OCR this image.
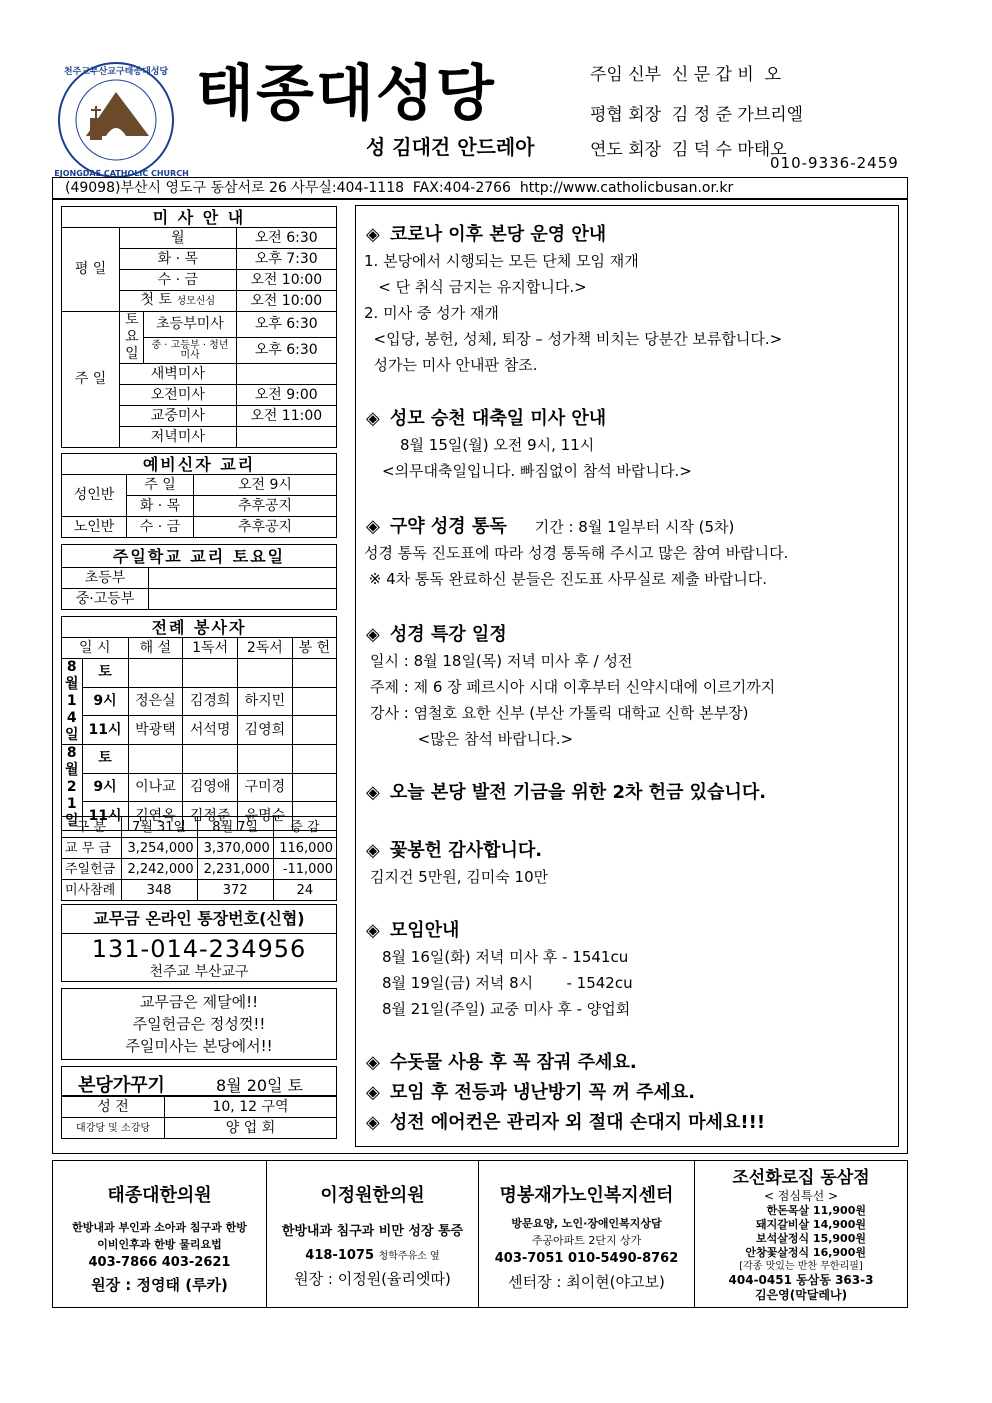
천주교부산교구태종대성당
TAEJONGDAE CATHOLIC CHURCH
태종대성당
성 김대건 안드레아
주임 신부  신 문 갑 비  오
평협 회장  김 정 준 가브리엘
연도 회장  김 덕 수 마태오
010-9336-2459
(49098)부산시 영도구 동삼서로 26 사무실:404-1118  FAX:404-2766  http://www.catholicbusan.or.kr
미 사 안 내			
평 일	월		오전 6:30
	화 · 목		오후 7:30
	수 · 금		오전 10:00
	첫 토 성모신심		오전 10:00
주 일	토요일	초등부미사	오후 6:30
		중 · 고등부 · 청년 미사	오후 6:30
	새벽미사		
	오전미사		오전 9:00
	교중미사		오전 11:00
	저녁미사		
예비신자 교리		
성인반	주 일	오전 9시
	화 · 목	추후공지
노인반	수 · 금	추후공지
주일학교 교리 토요일	
초등부	
중·고등부	
전례 봉사자					
일 시		해 설	1독서	2독서	봉 헌
8월14일	토				
	9시	정은실	김경희	하지민	
	11시	박광택	서석명	김영희	
8월21일	토				
	9시	이나교	김영애	구미경	
	11시	김연옥	김정준	윤명순	
구 분	7월 31일	8월 7일	증 감
교 무 금	3,254,000	3,370,000	116,000
주일헌금	2,242,000	2,231,000	-11,000
미사참례	348	372	24
교무금 온라인 통장번호(신협)
131-014-234956
천주교 부산교구
교무금은 제달에!!
주일헌금은 정성껏!!
주일미사는 본당에서!!
본당가꾸기	8월 20일 토
성 전	10, 12 구역
대강당 및 소강당	양 업 회
◈ 코로나 이후 본당 운영 안내
1. 본당에서 시행되는 모든 단체 모임 재개
< 단 취식 금지는 유지합니다.>
2. 미사 중 성가 재개
<입당, 봉헌, 성체, 퇴장 – 성가책 비치는 당분간 보류합니다.>
성가는 미사 안내판 참조.
◈ 성모 승천 대축일 미사 안내
8월 15일(월) 오전 9시, 11시
<의무대축일입니다. 빠짐없이 참석 바랍니다.>
◈ 구약 성경 통독 기간 : 8월 1일부터 시작 (5차)
성경 통독 진도표에 따라 성경 통독해 주시고 많은 참여 바랍니다.
※ 4차 통독 완료하신 분들은 진도표 사무실로 제출 바랍니다.
◈ 성경 특강 일정
일시 : 8월 18일(목) 저녁 미사 후 / 성전
주제 : 제 6 장 페르시아 시대 이후부터 신약시대에 이르기까지
강사 : 염철호 요한 신부 (부산 가톨릭 대학교 신학 본부장)
<많은 참석 바랍니다.>
◈ 오늘 본당 발전 기금을 위한 2차 헌금 있습니다.
◈ 꽃봉헌 감사합니다.
김지건 5만원, 김미숙 10만
◈ 모임안내
8월 16일(화) 저녁 미사 후 - 1541cu
8월 19일(금) 저녁 8시       - 1542cu
8월 21일(주일) 교중 미사 후 - 양업회
◈ 수돗물 사용 후 꼭 잠궈 주세요.
◈ 모임 후 전등과 냉난방기 꼭 꺼 주세요.
◈ 성전 에어컨은 관리자 외 절대 손대지 마세요!!!
태종대한의원
한방내과 부인과 소아과 침구과 한방
이비인후과 한방 물리요법
403-7866 403-2621
원장 : 정영태 (루카)
이정원한의원
한방내과 침구과 비만 성장 통증
418-1075 청학주유소 옆
원장 : 이정원(율리엣따)
명봉재가노인복지센터
방문요양, 노인·장애인복지상담
주공아파트 2단지 상가
403-7051 010-5490-8762
센터장 : 최이현(야고보)
조선화로집 동삼점
< 점심특선 >
한돈목살 11,900원
돼지갈비살 14,900원
보석살정식 15,900원
안창꽃살정식 16,900원
[각종 맛있는 반찬 무한리필]
404-0451 동삼동 363-3
김은영(막달레나)
